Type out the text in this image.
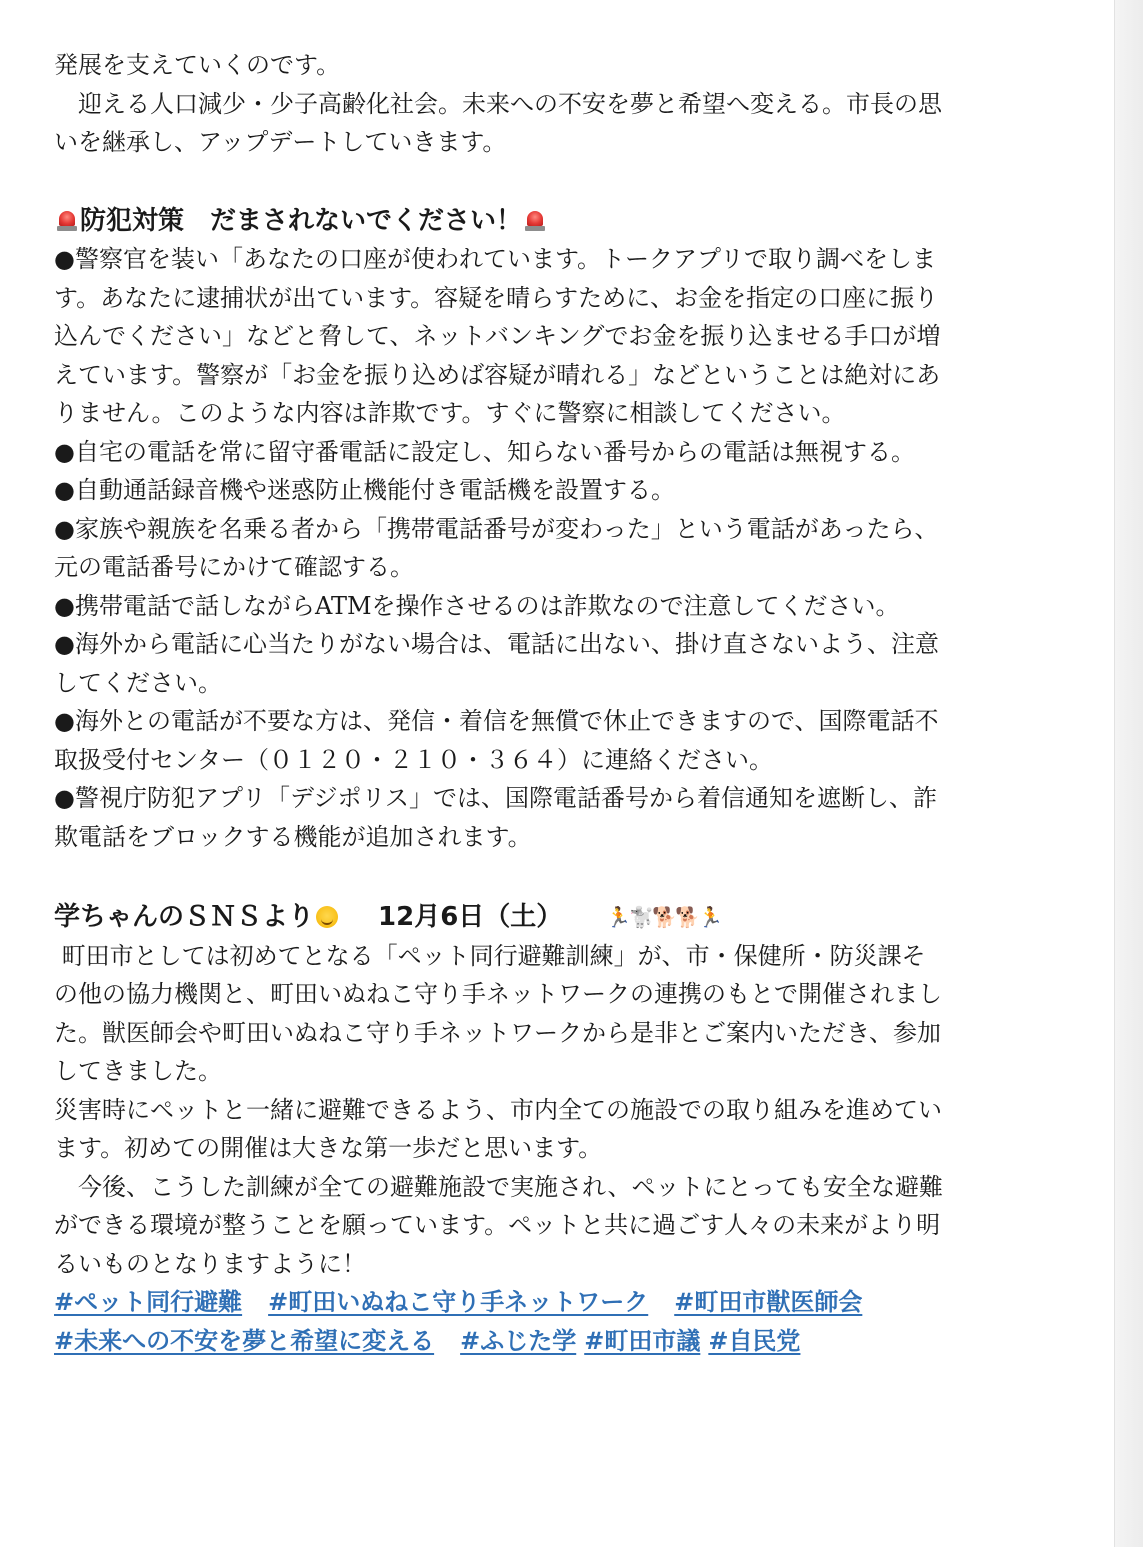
発展を支えていくのです。

　迎える人口減少・少子高齢化社会。未来への不安を夢と希望へ変える。市長の思

いを継承し、アップデートしていきます。

防犯対策　だまされないでください！

●警察官を装い「あなたの口座が使われています。トークアプリで取り調べをしま

す。あなたに逮捕状が出ています。容疑を晴らすために、お金を指定の口座に振り

込んでください」などと脅して、ネットバンキングでお金を振り込ませる手口が増

えています。警察が「お金を振り込めば容疑が晴れる」などということは絶対にあ

りません。このような内容は詐欺です。すぐに警察に相談してください。

●自宅の電話を常に留守番電話に設定し、知らない番号からの電話は無視する。

●自動通話録音機や迷惑防止機能付き電話機を設置する。

●家族や親族を名乗る者から「携帯電話番号が変わった」という電話があったら、

元の電話番号にかけて確認する。

●携帯電話で話しながらATMを操作させるのは詐欺なので注意してください。

●海外から電話に心当たりがない場合は、電話に出ない、掛け直さないよう、注意

してください。

●海外との電話が不要な方は、発信・着信を無償で休止できますので、国際電話不

取扱受付センター（０１２０・２１０・３６４）に連絡ください。

●警視庁防犯アプリ「デジポリス」では、国際電話番号から着信通知を遮断し、詐

欺電話をブロックする機能が追加されます。

学ちゃんのＳＮＳより 12月6日（土） 🏃
🐩
🐕
🐕
🏃

町田市としては初めてとなる「ペット同行避難訓練」が、市・保健所・防災課そ

の他の協力機関と、町田いぬねこ守り手ネットワークの連携のもとで開催されまし

た。獣医師会や町田いぬねこ守り手ネットワークから是非とご案内いただき、参加

してきました。

災害時にペットと一緒に避難できるよう、市内全ての施設での取り組みを進めてい

ます。初めての開催は大きな第一歩だと思います。

　今後、こうした訓練が全ての避難施設で実施され、ペットにとっても安全な避難

ができる環境が整うことを願っています。ペットと共に過ごす人々の未来がより明

るいものとなりますように！

#ペット同行避難 #町田いぬねこ守り手ネットワーク #町田市獣医師会
#未来への不安を夢と希望に変える #ふじた学 #町田市議 #自民党
